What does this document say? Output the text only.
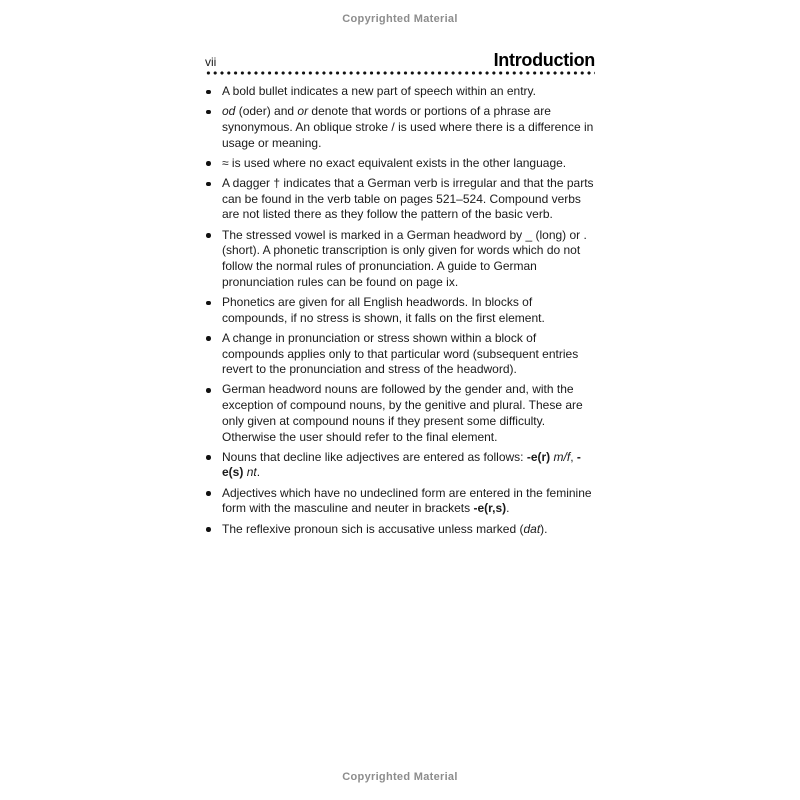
Copyrighted Material
vii	Introduction
A bold bullet indicates a new part of speech within an entry.
od (oder) and or denote that words or portions of a phrase are synonymous. An oblique stroke / is used where there is a difference in usage or meaning.
≈ is used where no exact equivalent exists in the other language.
A dagger † indicates that a German verb is irregular and that the parts can be found in the verb table on pages 521–524. Compound verbs are not listed there as they follow the pattern of the basic verb.
The stressed vowel is marked in a German headword by _ (long) or . (short). A phonetic transcription is only given for words which do not follow the normal rules of pronunciation. A guide to German pronunciation rules can be found on page ix.
Phonetics are given for all English headwords. In blocks of compounds, if no stress is shown, it falls on the first element.
A change in pronunciation or stress shown within a block of compounds applies only to that particular word (subsequent entries revert to the pronunciation and stress of the headword).
German headword nouns are followed by the gender and, with the exception of compound nouns, by the genitive and plural. These are only given at compound nouns if they present some difficulty. Otherwise the user should refer to the final element.
Nouns that decline like adjectives are entered as follows: -e(r) m/f, -e(s) nt.
Adjectives which have no undeclined form are entered in the feminine form with the masculine and neuter in brackets -e(r,s).
The reflexive pronoun sich is accusative unless marked (dat).
Copyrighted Material
